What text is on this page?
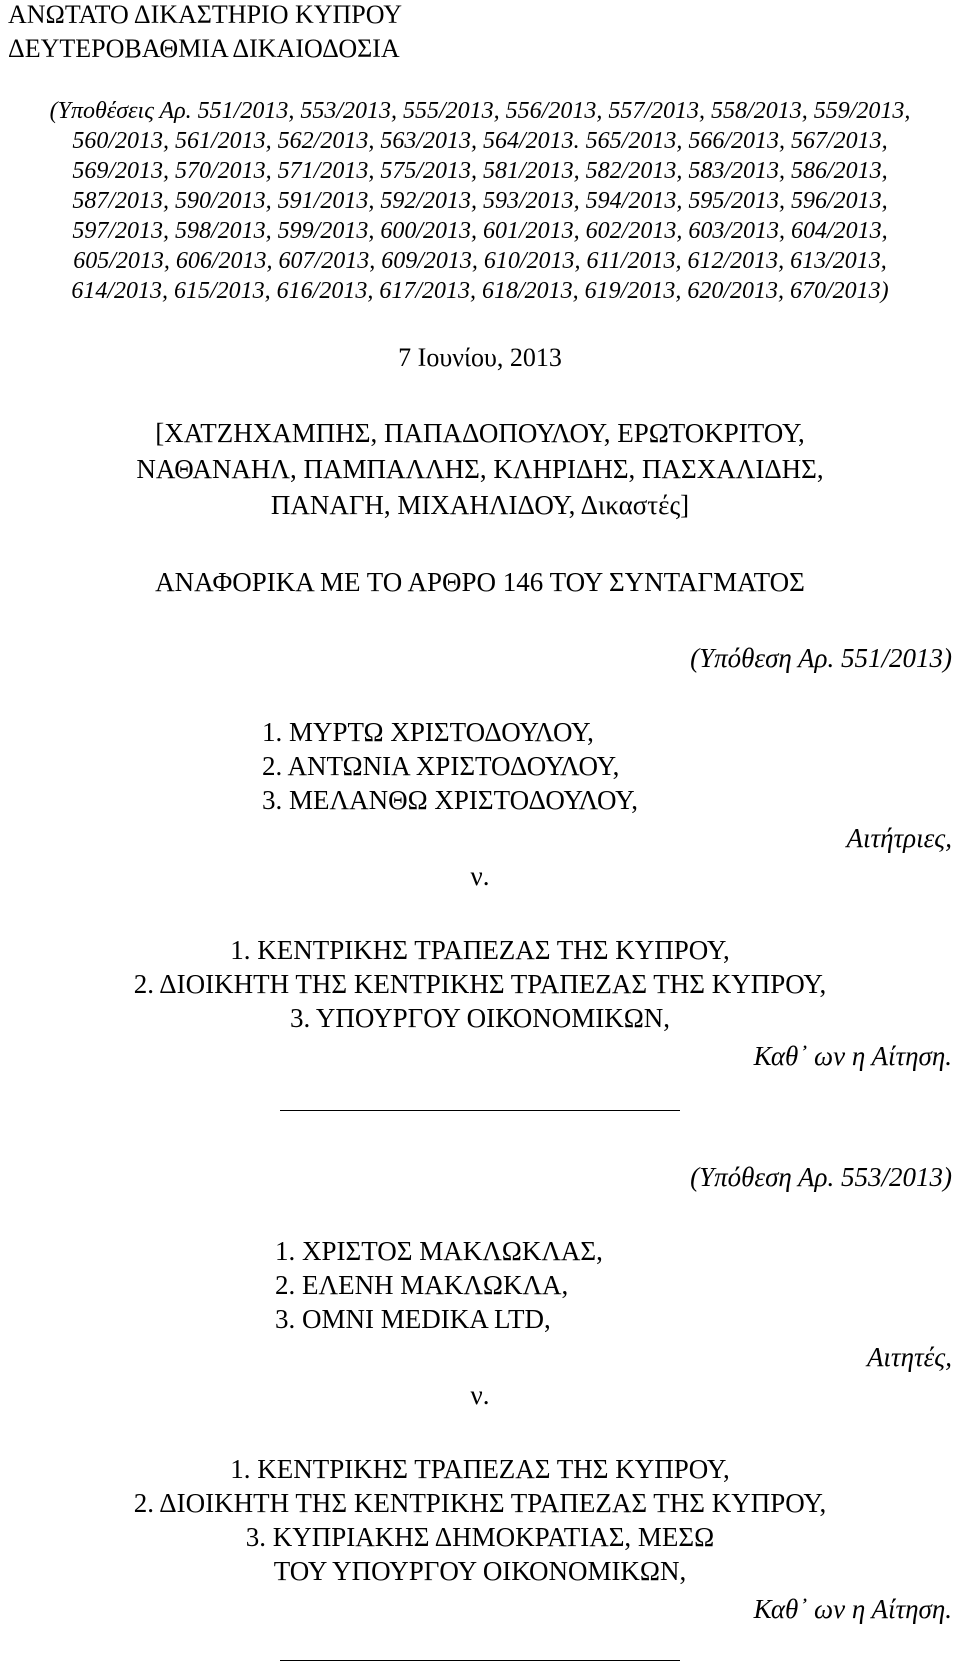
ΑΝΩΤΑΤΟ ΔΙΚΑΣΤΗΡΙΟ ΚΥΠΡΟΥ
ΔΕΥΤΕΡΟΒΑΘΜΙΑ ΔΙΚΑΙΟΔΟΣΙΑ
(Υποθέσεις Αρ. 551/2013, 553/2013, 555/2013, 556/2013, 557/2013, 558/2013, 559/2013,
560/2013, 561/2013, 562/2013, 563/2013, 564/2013. 565/2013, 566/2013, 567/2013,
569/2013, 570/2013, 571/2013, 575/2013, 581/2013, 582/2013, 583/2013, 586/2013,
587/2013, 590/2013, 591/2013, 592/2013, 593/2013, 594/2013, 595/2013, 596/2013,
597/2013, 598/2013, 599/2013, 600/2013, 601/2013, 602/2013, 603/2013, 604/2013,
605/2013, 606/2013, 607/2013, 609/2013, 610/2013, 611/2013, 612/2013, 613/2013,
614/2013, 615/2013, 616/2013, 617/2013, 618/2013, 619/2013, 620/2013, 670/2013)
7 Ιουνίου, 2013
[ΧΑΤΖΗΧΑΜΠΗΣ, ΠΑΠΑΔΟΠΟΥΛΟΥ, ΕΡΩΤΟΚΡΙΤΟΥ,
ΝΑΘΑΝΑΗΛ, ΠΑΜΠΑΛΛΗΣ, ΚΛΗΡΙΔΗΣ, ΠΑΣΧΑΛΙΔΗΣ,
ΠΑΝΑΓΗ, ΜΙΧΑΗΛΙΔΟΥ, Δικαστές]
ΑΝΑΦΟΡΙΚΑ ΜΕ ΤΟ ΑΡΘΡΟ 146 ΤΟΥ ΣΥΝΤΑΓΜΑΤΟΣ
(Υπόθεση Αρ. 551/2013)
1. ΜΥΡΤΩ ΧΡΙΣΤΟΔΟΥΛΟΥ,
2. ΑΝΤΩΝΙΑ ΧΡΙΣΤΟΔΟΥΛΟΥ,
3. ΜΕΛΑΝΘΩ ΧΡΙΣΤΟΔΟΥΛΟΥ,
Αιτήτριες,
ν.
1. ΚΕΝΤΡΙΚΗΣ ΤΡΑΠΕΖΑΣ ΤΗΣ ΚΥΠΡΟΥ,
2. ΔΙΟΙΚΗΤΗ ΤΗΣ ΚΕΝΤΡΙΚΗΣ ΤΡΑΠΕΖΑΣ ΤΗΣ ΚΥΠΡΟΥ,
3. ΥΠΟΥΡΓΟΥ ΟΙΚΟΝΟΜΙΚΩΝ,
Καθ᾽ ων η Αίτηση.
(Υπόθεση Αρ. 553/2013)
1. ΧΡΙΣΤΟΣ ΜΑΚΛΩΚΛΑΣ,
2. ΕΛΕΝΗ ΜΑΚΛΩΚΛΑ,
3. OMNI MEDIKA LTD,
Αιτητές,
ν.
1. ΚΕΝΤΡΙΚΗΣ ΤΡΑΠΕΖΑΣ ΤΗΣ ΚΥΠΡΟΥ,
2. ΔΙΟΙΚΗΤΗ ΤΗΣ ΚΕΝΤΡΙΚΗΣ ΤΡΑΠΕΖΑΣ ΤΗΣ ΚΥΠΡΟΥ,
3. ΚΥΠΡΙΑΚΗΣ ΔΗΜΟΚΡΑΤΙΑΣ, ΜΕΣΩ
ΤΟΥ ΥΠΟΥΡΓΟΥ ΟΙΚΟΝΟΜΙΚΩΝ,
Καθ᾽ ων η Αίτηση.
